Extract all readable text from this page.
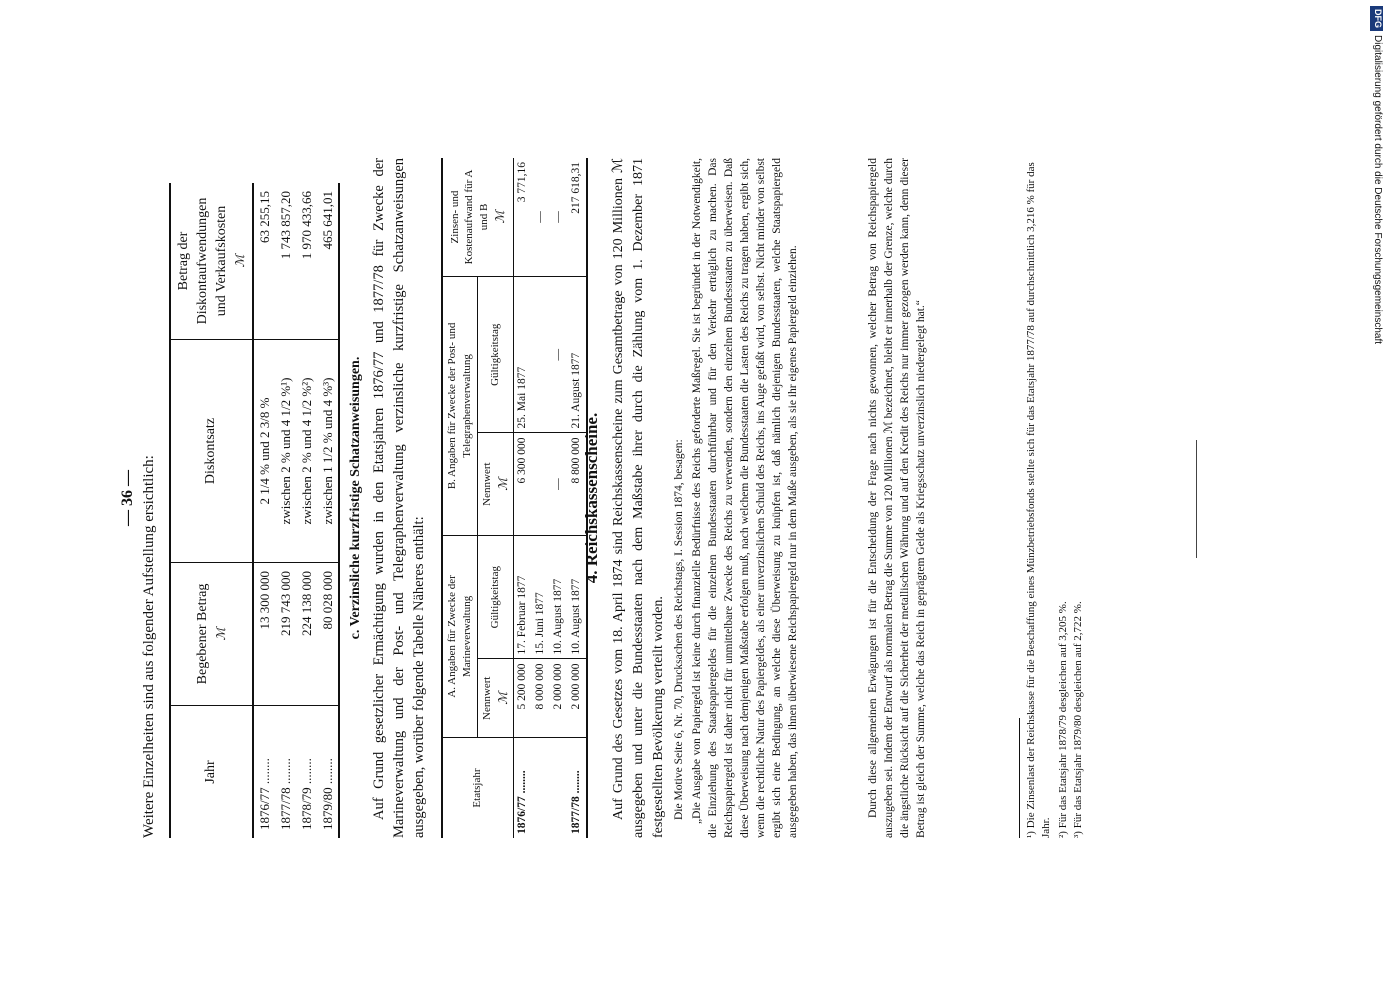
— 36 — Weitere Einzelheiten sind aus folgender Aufstellung ersichtlich:	Jahr	Begebener Betrag ℳ	Diskontsatz	Betrag der Diskontaufwendungen und Verkaufskosten ℳ

1876/77 ........	13 300 000	2 1/4 % und 2 3/8 %	63 255,15
1877/78 ........	219 743 000	zwischen 2 % und 4 1/2 %¹)	1 743 857,20
1878/79 ........	224 138 000	zwischen 2 % und 4 1/2 %²)	1 970 433,66
1879/80 ........	80 028 000	zwischen 1 1/2 % und 4 %³)	465 641,01
c. Verzinsliche kurzfristige Schatzanweisungen. Auf Grund gesetzlicher Ermächtigung wurden in den Etatsjahren 1876/77 und 1877/78 für Zwecke der Marineverwaltung und der Post- und Telegraphenverwaltung verzinsliche kurzfristige Schatzanweisungen ausgegeben, worüber folgende Tabelle Näheres enthält:	Etatsjahr	A. Angaben für Zwecke der Marineverwaltung		B. Angaben für Zwecke der Post- und Telegraphenverwaltung		Zinsen- und Kostenaufwand für A und B ℳ

	Nennwert ℳ	Gültigkeitstag	Nennwert ℳ	Gültigkeitstag	
1876/77 ........	5 200 000	17. Februar 1877	6 300 000	25. Mai 1877	3 771,16
	8 000 000	15. Juni 1877			—
	2 000 000	10. August 1877	—	—	—
1877/78 ........	2 000 000	10. August 1877	8 800 000	21. August 1877	217 618,31
4. Reichskassenscheine. Auf Grund des Gesetzes vom 18. April 1874 sind Reichskassenscheine zum Gesamtbetrage von 120 Millionen ℳ ausgegeben und unter die Bundesstaaten nach dem Maßstabe ihrer durch die Zählung vom 1. Dezember 1871 festgestellten Bevölkerung verteilt worden. Die Motive Seite 6, Nr. 70, Drucksachen des Reichstags, I. Session 1874, besagen: „Die Ausgabe von Papiergeld ist keine durch finanzielle Bedürfnisse des Reichs geforderte Maßregel. Sie ist begründet in der Notwendigkeit, die Einziehung des Staatspapiergeldes für die einzelnen Bundesstaaten durchführbar und für den Verkehr erträglich zu machen. Das Reichspapiergeld ist daher nicht für unmittelbare Zwecke des Reichs zu verwenden, sondern den einzelnen Bundesstaaten zu überweisen. Daß diese Überweisung nach demjenigen Maßstabe erfolgen muß, nach welchem die Bundesstaaten die Lasten des Reichs zu tragen haben, ergibt sich, wenn die rechtliche Natur des Papiergeldes, als einer unverzinslichen Schuld des Reichs, ins Auge gefaßt wird, von selbst. Nicht minder von selbst ergibt sich eine Bedingung, an welche diese Überweisung zu knüpfen ist, daß nämlich diejenigen Bundesstaaten, welche Staatspapiergeld ausgegeben haben, das ihnen überwiesene Reichspapiergeld nur in dem Maße ausgeben, als sie ihr eigenes Papiergeld einziehen.	Durch diese allgemeinen Erwägungen ist für die Entscheidung der Frage nach nichts gewonnen, welcher Betrag von Reichspapiergeld auszugeben sei. Indem der Entwurf als normalen Betrag die Summe von 120 Millionen ℳ bezeichnet, bleibt er innerhalb der Grenze, welche durch die ängstliche Rücksicht auf die Sicherheit der metallischen Währung und auf den Kredit des Reichs nur immer gezogen werden kann, denn dieser Betrag ist gleich der Summe, welche das Reich in geprägtem Gelde als Kriegsschatz unverzinslich niedergelegt hat.“	¹) Die Zinsenlast der Reichskasse für die Beschaffung eines Münzbetriebsfonds stellte sich für das Etatsjahr 1877/78 auf durchschnittlich 3,216 % für das Jahr. ²) Für das Etatsjahr 1878/79 desgleichen auf 3,205 %. ³) Für das Etatsjahr 1879/80 desgleichen auf 2,722 %.
DFGDigitalisierung gefördert durch die Deutsche Forschungsgemeinschaft
